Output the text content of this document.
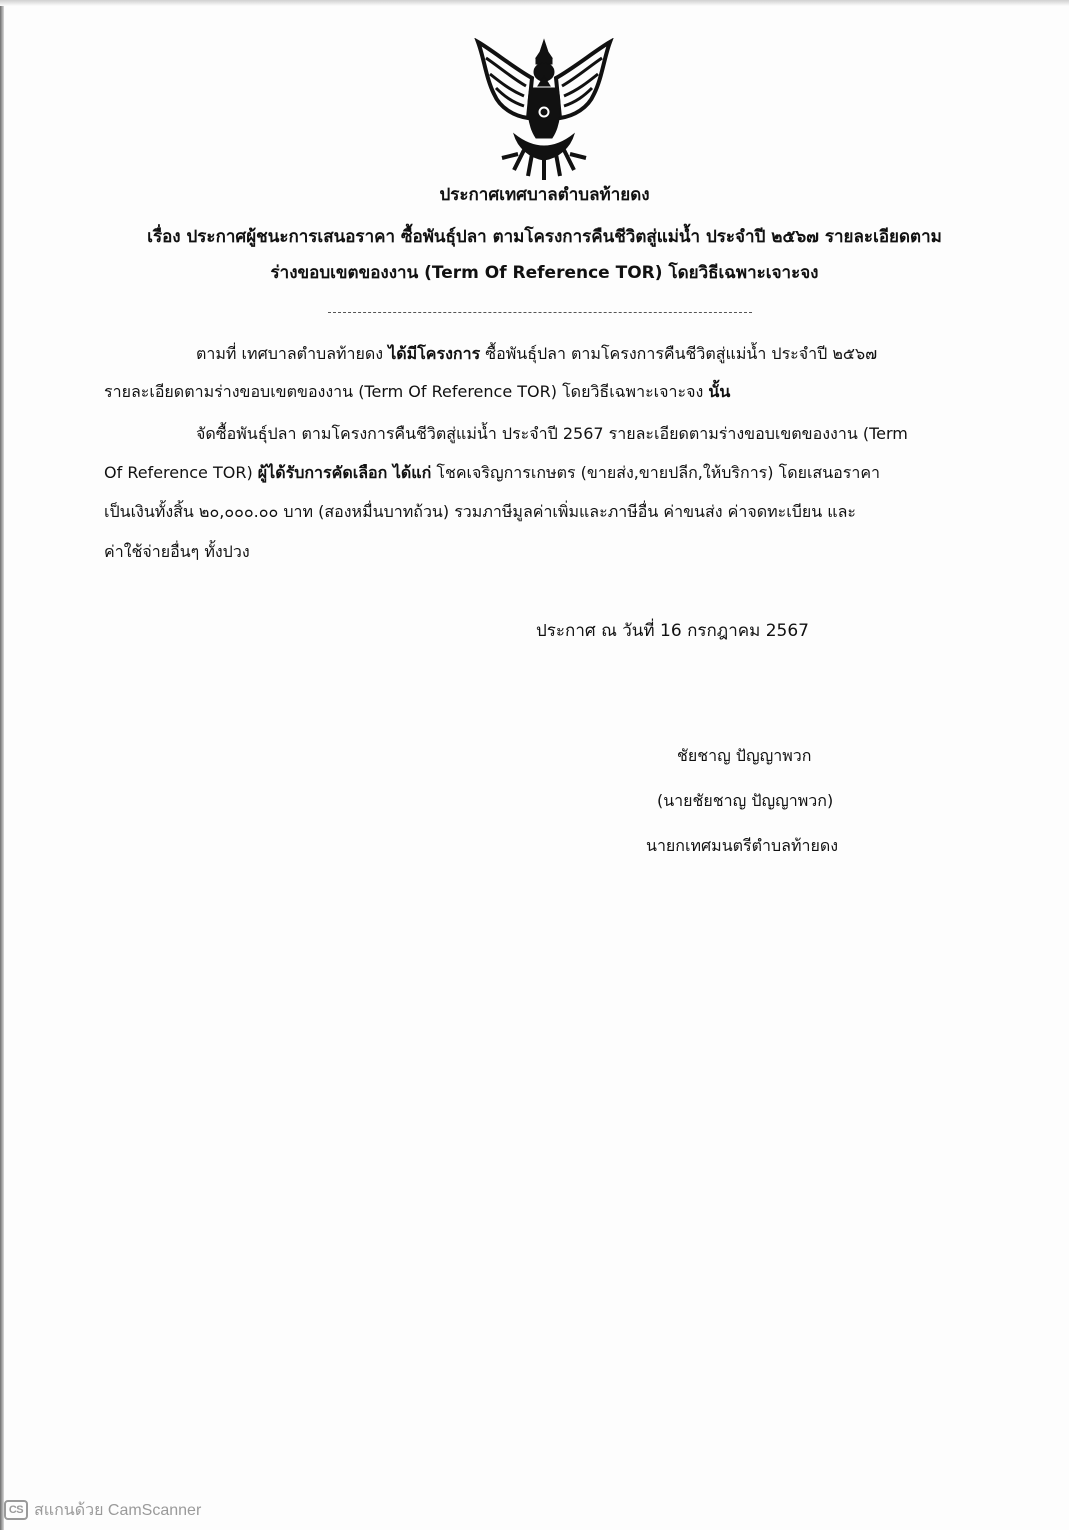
ประกาศเทศบาลตำบลท้ายดง
เรื่อง ประกาศผู้ชนะการเสนอราคา ซื้อพันธุ์ปลา ตามโครงการคืนชีวิตสู่แม่น้ำ ประจำปี ๒๕๖๗ รายละเอียดตาม
ร่างขอบเขตของงาน (Term Of Reference TOR) โดยวิธีเฉพาะเจาะจง
ตามที่ เทศบาลตำบลท้ายดง ได้มีโครงการ ซื้อพันธุ์ปลา ตามโครงการคืนชีวิตสู่แม่น้ำ ประจำปี ๒๕๖๗
รายละเอียดตามร่างขอบเขตของงาน (Term Of Reference TOR) โดยวิธีเฉพาะเจาะจง นั้น
จัดซื้อพันธุ์ปลา ตามโครงการคืนชีวิตสู่แม่น้ำ ประจำปี 2567 รายละเอียดตามร่างขอบเขตของงาน (Term
Of Reference TOR) ผู้ได้รับการคัดเลือก ได้แก่ โชคเจริญการเกษตร (ขายส่ง,ขายปลีก,ให้บริการ) โดยเสนอราคา
เป็นเงินทั้งสิ้น ๒๐,๐๐๐.๐๐ บาท (สองหมื่นบาทถ้วน) รวมภาษีมูลค่าเพิ่มและภาษีอื่น ค่าขนส่ง ค่าจดทะเบียน และ
ค่าใช้จ่ายอื่นๆ ทั้งปวง
ประกาศ ณ วันที่ 16 กรกฎาคม 2567
ชัยชาญ ปัญญาพวก
(นายชัยชาญ ปัญญาพวก)
นายกเทศมนตรีตำบลท้ายดง
CS สแกนด้วย CamScanner
